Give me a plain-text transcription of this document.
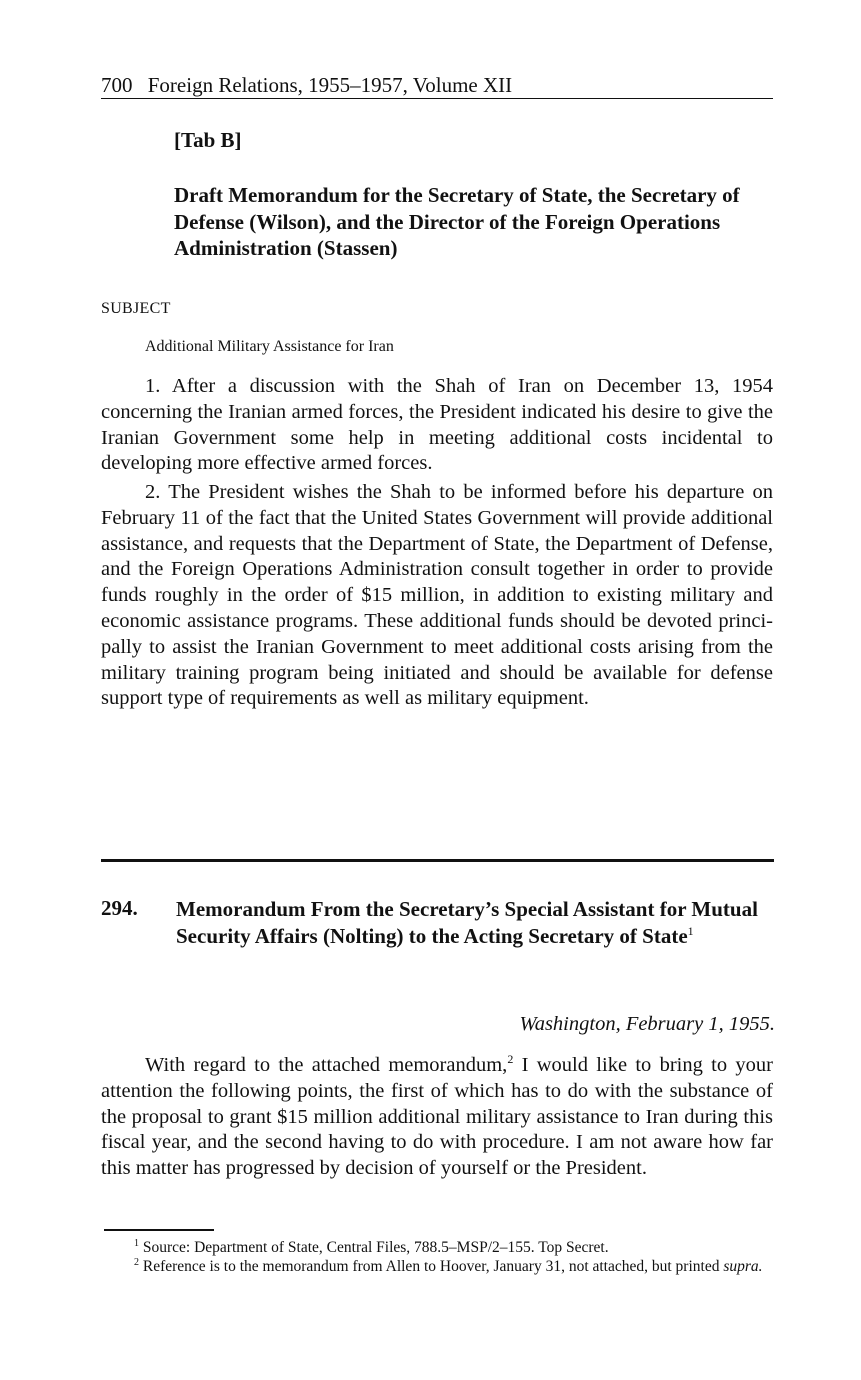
700 Foreign Relations, 1955–1957, Volume XII
[Tab B]
Draft Memorandum for the Secretary of State, the Secretary of Defense (Wilson), and the Director of the Foreign Operations Administration (Stassen)
SUBJECT
Additional Military Assistance for Iran

1. After a discussion with the Shah of Iran on December 13, 1954 concerning the Iranian armed forces, the President indicated his desire to give the Iranian Government some help in meeting additional costs incidental to developing more effective armed forces.

2. The President wishes the Shah to be informed before his departure on February 11 of the fact that the United States Government will provide additional assistance, and requests that the Department of State, the Department of Defense, and the Foreign Operations Administration consult together in order to provide funds roughly in the order of $15 million, in addition to existing military and economic assistance programs. These additional funds should be devoted principally to assist the Iranian Government to meet additional costs arising from the military training program being initiated and should be available for defense support type of requirements as well as military equipment.

294. Memorandum From the Secretary’s Special Assistant for Mutual Security Affairs (Nolting) to the Acting Secretary of State$^1$
Washington, February 1, 1955.

With regard to the attached memorandum,$^2$ I would like to bring to your attention the following points, the first of which has to do with the substance of the proposal to grant $15 million additional military assistance to Iran during this fiscal year, and the second having to do with procedure. I am not aware how far this matter has progressed by decision of yourself or the President.

$^1$ Source: Department of State, Central Files, 788.5–MSP/2–155. Top Secret.

$^2$ Reference is to the memorandum from Allen to Hoover, January 31, not attached, but printed supra.
